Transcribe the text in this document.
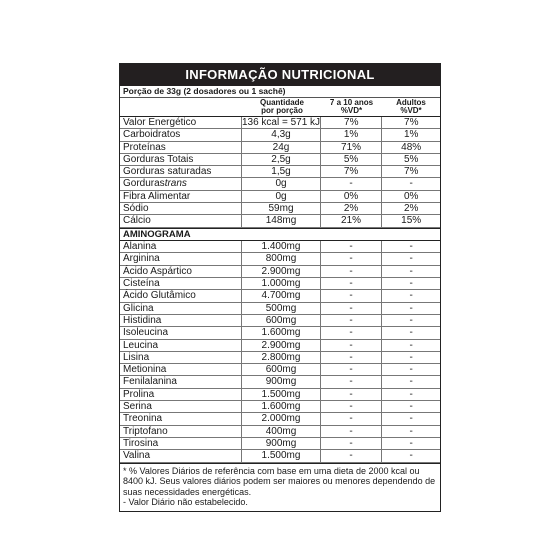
INFORMAÇÃO NUTRICIONAL
Porção de 33g (2 dosadores ou 1 sachê)
Quantidade
por porção
7 a 10 anos
%VD*
Adultos
%VD*
Valor Energético	136 kcal = 571 kJ	7%	7%
Carboidratos	4,3g	1%	1%
Proteínas	24g	71%	48%
Gorduras Totais	2,5g	5%	5%
Gorduras saturadas	1,5g	7%	7%
Gorduras trans	0g	-	-
Fibra Alimentar	0g	0%	0%
Sódio	59mg	2%	2%
Cálcio	148mg	21%	15%
AMINOGRAMA
Alanina	1.400mg	-	-
Arginina	800mg	-	-
Ácido Aspártico	2.900mg	-	-
Cisteína	1.000mg	-	-
Ácido Glutâmico	4.700mg	-	-
Glicina	500mg	-	-
Histidina	600mg	-	-
Isoleucina	1.600mg	-	-
Leucina	2.900mg	-	-
Lisina	2.800mg	-	-
Metionina	600mg	-	-
Fenilalanina	900mg	-	-
Prolina	1.500mg	-	-
Serina	1.600mg	-	-
Treonina	2.000mg	-	-
Triptofano	400mg	-	-
Tirosina	900mg	-	-
Valina	1.500mg	-	-

* % Valores Diários de referência com base em uma dieta de 2000 kcal ou 8400 kJ. Seus valores diários podem ser maiores ou menores dependendo de suas necessidades energéticas.

- Valor Diário não estabelecido.
